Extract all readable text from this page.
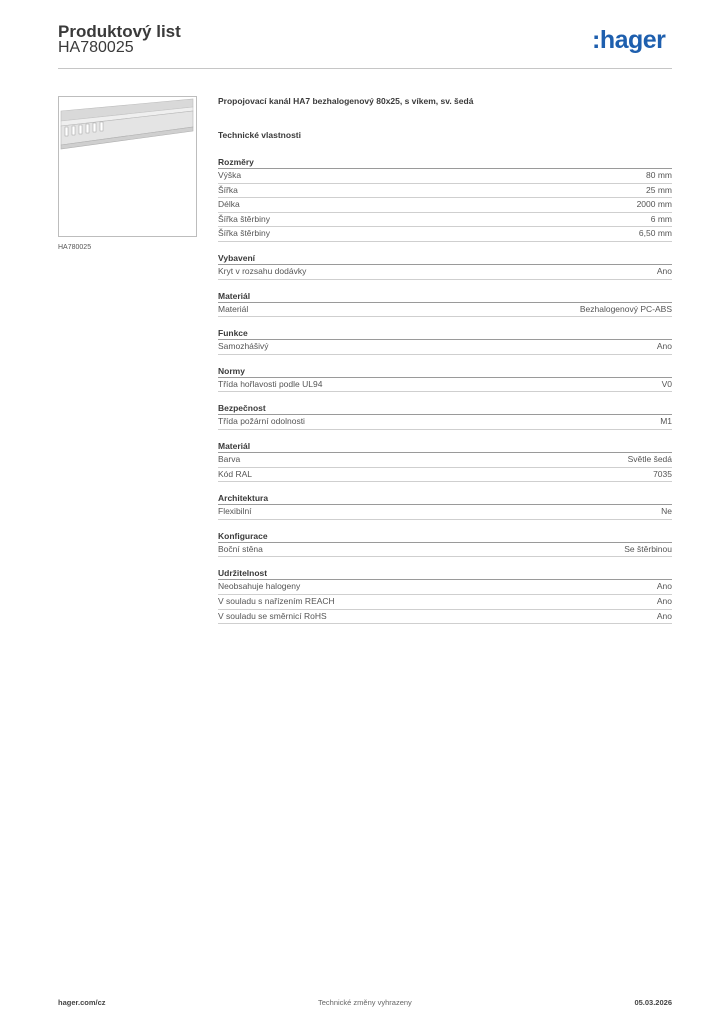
Produktový list
HA780025	:hager
HA780025
Propojovací kanál HA7 bezhalogenový 80x25, s víkem, sv. šedá
Technické vlastnosti
Rozměry
Výška	80 mm
Šířka	25 mm
Délka	2000 mm
Šířka štěrbiny	6 mm
Šířka štěrbiny	6,50 mm
Vybavení
Kryt v rozsahu dodávky	Ano
Materiál
Materiál	Bezhalogenový PC-ABS
Funkce
Samozhášivý	Ano
Normy
Třída hořlavosti podle UL94	V0
Bezpečnost
Třída požární odolnosti	M1
Materiál
Barva	Světle šedá
Kód RAL	7035
Architektura
Flexibilní	Ne
Konfigurace
Boční stěna	Se štěrbinou
Udržitelnost
Neobsahuje halogeny	Ano
V souladu s nařízením REACH	Ano
V souladu se směrnicí RoHS	Ano
hager.com/cz	Technické změny vyhrazeny	05.03.2026
